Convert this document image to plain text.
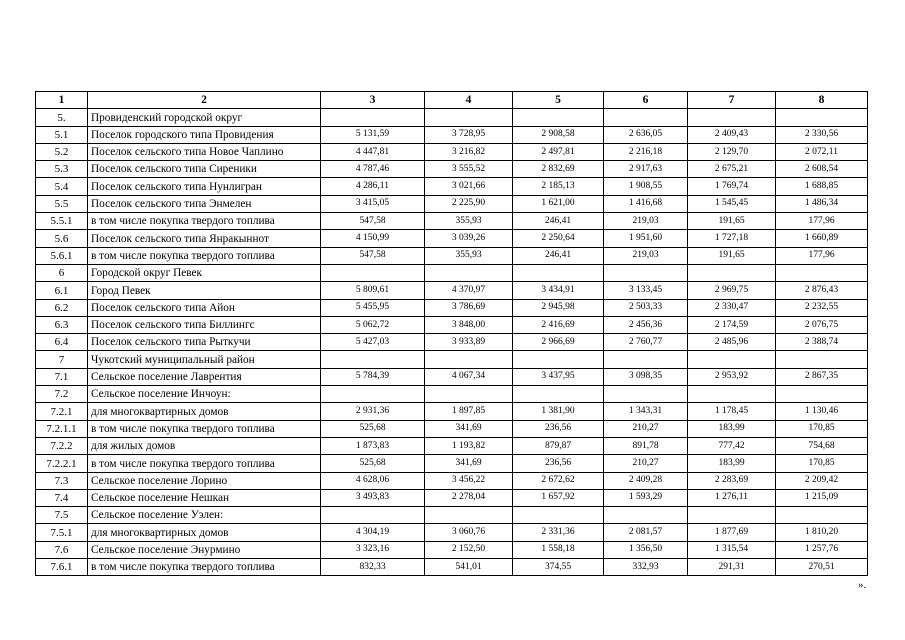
1	2	3	4	5	6	7	8
5.	Провиденский городской округ						
5.1	Поселок городского типа Провидения	5 131,59	3 728,95	2 908,58	2 636,05	2 409,43	2 330,56
5.2	Поселок сельского типа Новое Чаплино	4 447,81	3 216,82	2 497,81	2 216,18	2 129,70	2 072,11
5.3	Поселок сельского типа Сиреники	4 787,46	3 555,52	2 832,69	2 917,63	2 675,21	2 608,54
5.4	Поселок сельского типа Нунлигран	4 286,11	3 021,66	2 185,13	1 908,55	1 769,74	1 688,85
5.5	Поселок сельского типа Энмелен	3 415,05	2 225,90	1 621,00	1 416,68	1 545,45	1 486,34
5.5.1	в том числе покупка твердого топлива	547,58	355,93	246,41	219,03	191,65	177,96
5.6	Поселок сельского типа Янракыннот	4 150,99	3 039,26	2 250,64	1 951,60	1 727,18	1 660,89
5.6.1	в том числе покупка твердого топлива	547,58	355,93	246,41	219,03	191,65	177,96
6	Городской округ Певек						
6.1	Город Певек	5 809,61	4 370,97	3 434,91	3 133,45	2 969,75	2 876,43
6.2	Поселок сельского типа Айон	5 455,95	3 786,69	2 945,98	2 503,33	2 330,47	2 232,55
6.3	Поселок сельского типа Биллингс	5 062,72	3 848,00	2 416,69	2 456,36	2 174,59	2 076,75
6.4	Поселок сельского типа Рыткучи	5 427,03	3 933,89	2 966,69	2 760,77	2 485,96	2 388,74
7	Чукотский муниципальный район						
7.1	Сельское поселение Лаврентия	5 784,39	4 067,34	3 437,95	3 098,35	2 953,92	2 867,35
7.2	Сельское поселение Инчоун:						
7.2.1	для многоквартирных домов	2 931,36	1 897,85	1 381,90	1 343,31	1 178,45	1 130,46
7.2.1.1	в том числе покупка твердого топлива	525,68	341,69	236,56	210,27	183,99	170,85
7.2.2	для жилых домов	1 873,83	1 193,82	879,87	891,78	777,42	754,68
7.2.2.1	в том числе покупка твердого топлива	525,68	341,69	236,56	210,27	183,99	170,85
7.3	Сельское поселение Лорино	4 628,06	3 456,22	2 672,62	2 409,28	2 283,69	2 209,42
7.4	Сельское поселение Нешкан	3 493,83	2 278,04	1 657,92	1 593,29	1 276,11	1 215,09
7.5	Сельское поселение Уэлен:						
7.5.1	для многоквартирных домов	4 304,19	3 060,76	2 331,36	2 081,57	1 877,69	1 810,20
7.6	Сельское поселение Энурмино	3 323,16	2 152,50	1 558,18	1 356,50	1 315,54	1 257,76
7.6.1	в том числе покупка твердого топлива	832,33	541,01	374,55	332,93	291,31	270,51
».
